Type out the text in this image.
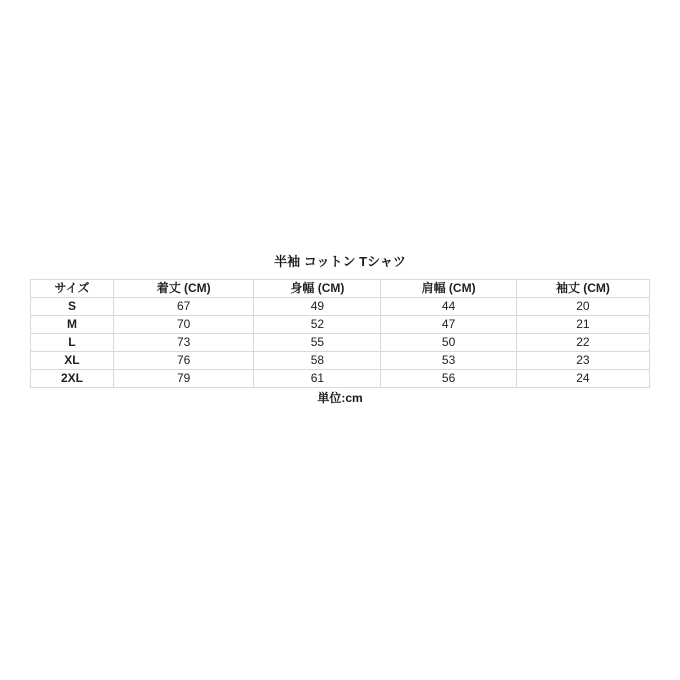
半袖 コットン Tシャツ
サイズ	着丈 (CM)	身幅 (CM)	肩幅 (CM)	袖丈 (CM)
S	67	49	44	20
M	70	52	47	21
L	73	55	50	22
XL	76	58	53	23
2XL	79	61	56	24
単位:cm
